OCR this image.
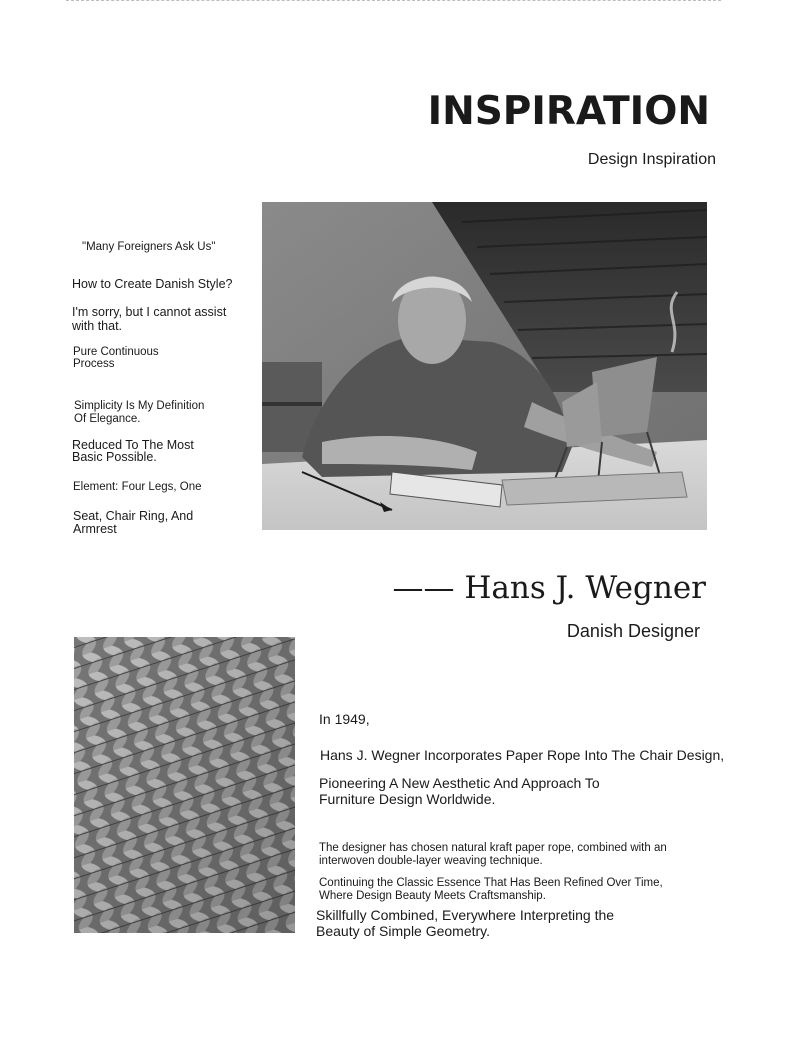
INSPIRATION
Design Inspiration
"Many Foreigners Ask Us"
How to Create Danish Style?
I'm sorry, but I cannot assist
with that.
Pure Continuous
Process
Simplicity Is My Definition
Of Elegance.
Reduced To The Most
Basic Possible.
Element: Four Legs, One
Seat, Chair Ring, And
Armrest
—— Hans J. Wegner
Danish Designer
In 1949,
Hans J. Wegner Incorporates Paper Rope Into The Chair Design,
Pioneering A New Aesthetic And Approach To
Furniture Design Worldwide.
The designer has chosen natural kraft paper rope, combined with an
interwoven double-layer weaving technique.
Continuing the Classic Essence That Has Been Refined Over Time,
Where Design Beauty Meets Craftsmanship.
Skillfully Combined, Everywhere Interpreting the
Beauty of Simple Geometry.
